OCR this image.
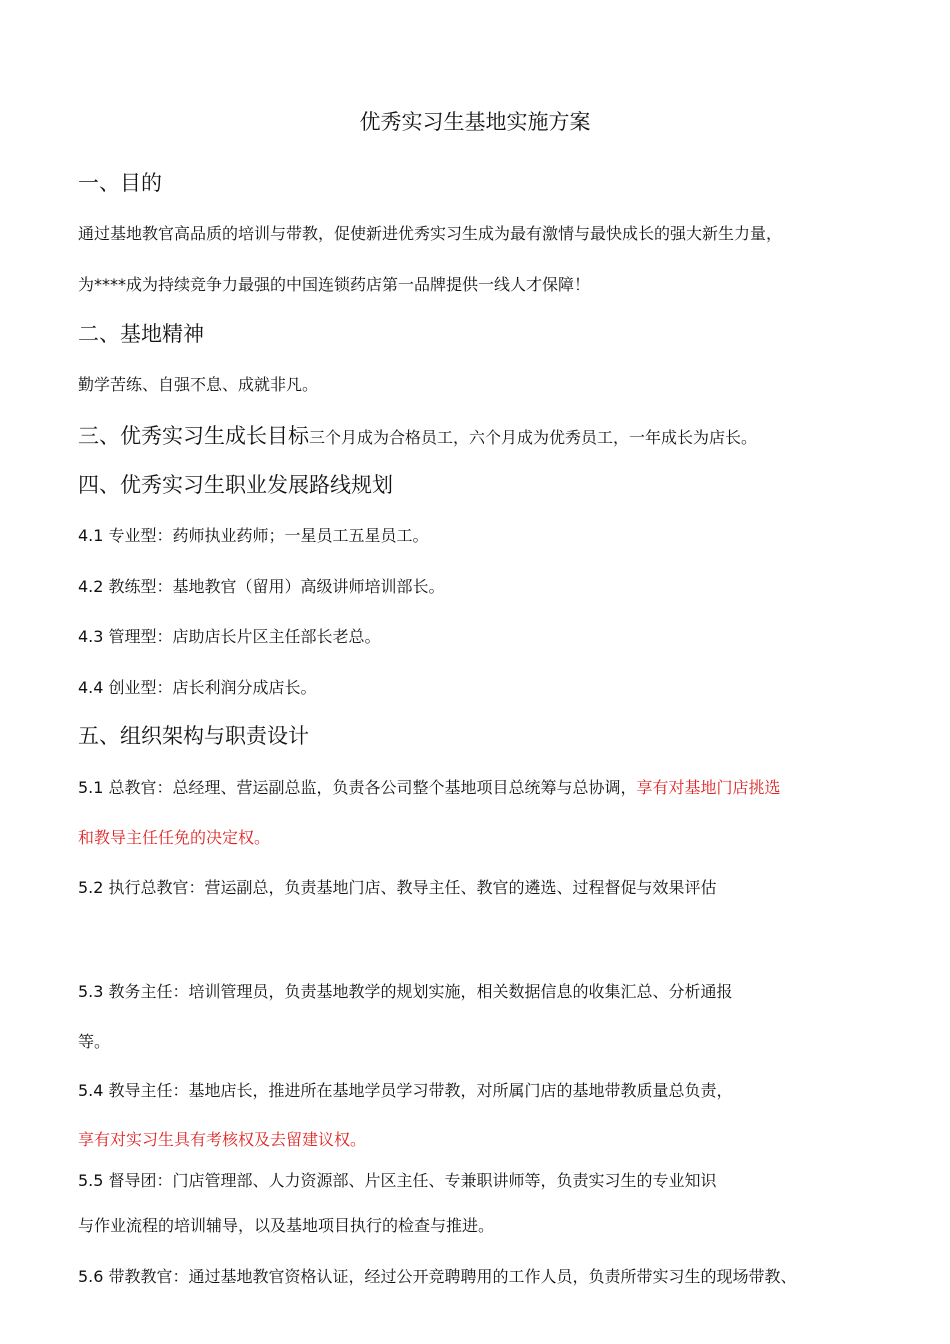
优秀实习生基地实施方案
一、目的
通过基地教官高品质的培训与带教，促使新进优秀实习生成为最有激情与最快成长的强大新生力量，
为****成为持续竞争力最强的中国连锁药店第一品牌提供一线人才保障！
二、基地精神
勤学苦练、自强不息、成就非凡。
三、优秀实习生成长目标三个月成为合格员工，六个月成为优秀员工，一年成长为店长。
四、优秀实习生职业发展路线规划
4.1 专业型：药师执业药师；一星员工五星员工。
4.2 教练型：基地教官（留用）高级讲师培训部长。
4.3 管理型：店助店长片区主任部长老总。
4.4 创业型：店长利润分成店长。
五、组织架构与职责设计
5.1 总教官：总经理、营运副总监，负责各公司整个基地项目总统筹与总协调，享有对基地门店挑选
和教导主任任免的决定权。
5.2 执行总教官：营运副总，负责基地门店、教导主任、教官的遴选、过程督促与效果评估
5.3 教务主任：培训管理员，负责基地教学的规划实施，相关数据信息的收集汇总、分析通报
等。
5.4 教导主任：基地店长，推进所在基地学员学习带教，对所属门店的基地带教质量总负责，
享有对实习生具有考核权及去留建议权。
5.5 督导团：门店管理部、人力资源部、片区主任、专兼职讲师等，负责实习生的专业知识
与作业流程的培训辅导，以及基地项目执行的检查与推进。
5.6 带教教官：通过基地教官资格认证，经过公开竞聘聘用的工作人员，负责所带实习生的现场带教、
